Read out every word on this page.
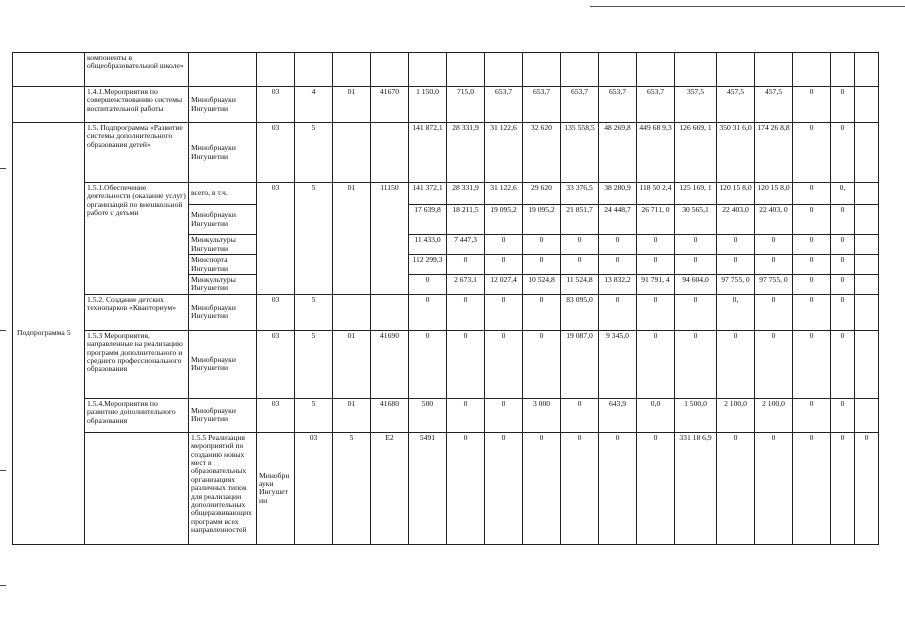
	компоненты в общеобразовательной школе»																			
	1.4.1.Мероприятия по совершенствованию системы воспитательной работы	Минобрнауки Ингушетии	03	4	01	41670	1 150,0	715,0	653,7	653,7	653,7	653,7	653,7	357,5	457,5	457,5	0	0		
Подпрограмма 5	1.5. Подпрограмма «Развитие системы дополнительного образования детей»	Минобрнауки Ингушетии	03	5			141 872,1	28 331,9	31 122,6	32 620	135 558,5	48 269,8	449 68 9,3	126 669, 1	350 31 6,0	174 26 8,8	0	0		
	1.5.1.Обеспечение деятельности (оказание услуг) организаций по внешкольной работе с детьми	всего, в т.ч.	03	5	01	11150	141 372,1	28 331,9	31 122,6	29 620	33 376,5	38 280,9	118 50 2,4	125 169, 1	120 15 8,0	120 15 8,0	0	0,		
		Минобрнауки Ингушетии					17 639,8	18 211,5	19 095,2	19 095,2	21 851,7	24 448,7	26 711, 0	30 565,1	22 403,0	22 403, 0	0	0		
		Минкультуры Ингушетии					11 433,0	7 447,3	0	0	0	0	0	0	0	0	0	0		
		Минспорта Ингушетии					112 299,3	0	0	0	0	0	0	0	0	0	0	0		
		Минкультуры Ингушетии					0	2 673,1	12 027,4	10 524,8	11 524,8	13 832,2	91 791, 4	94 604,0	97 755, 0	97 755, 0	0	0		
	1.5.2. Создание детских технопарков «Кванториум»	Минобрнауки Ингушетии	03	5			0	0	0	0	83 095,0	0	0	0	0,	0	0	0		
	1.5.3 Мероприятия, направленные на реализацию программ дополнительного и среднего профессионального образования	Минобрнауки Ингушетии	03	5	01	41690	0	0	0	0	19 087,0	9 345,0	0	0	0	0	0	0		
	1.5.4.Мероприятия по развитию дополнительного образования	Минобрнауки Ингушетии	03	5	01	41680	500	0	0	3 000	0	643,9	0,0	1 500,0	2 100,0	2 100,0	0	0		
		1.5.5 Реализация мероприятий по созданию новых мест в образовательных организациях различных типов для реализации дополнительных общеразвивающих программ всех направленностей	Минобрнауки Ингушетии	03	5	E2	5491	0	0	0	0	0	0	331 18 6,9	0	0	0	0	0	
